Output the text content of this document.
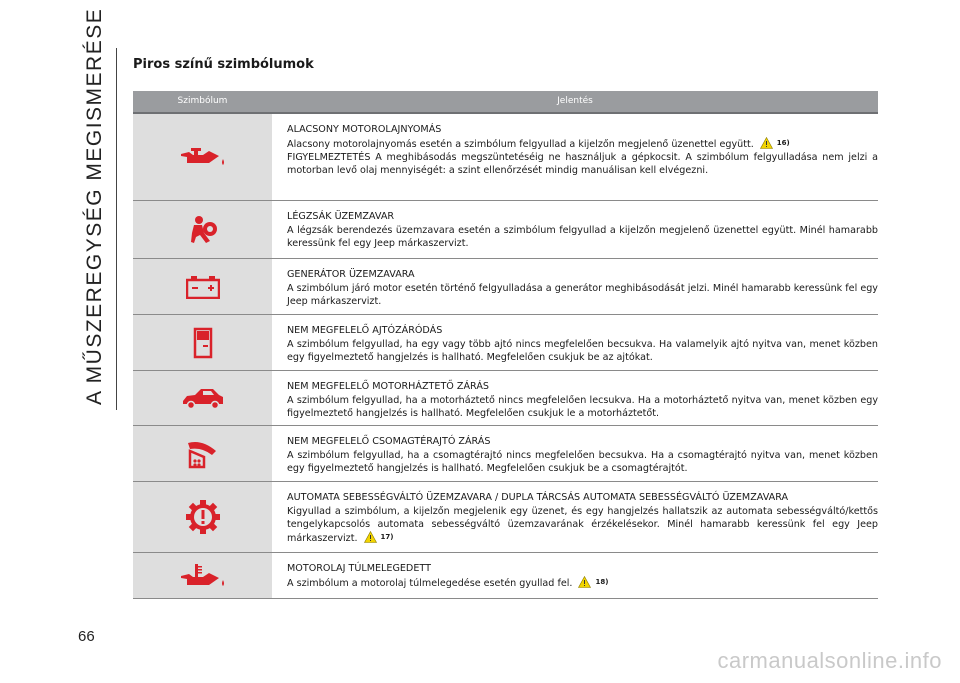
A MŰSZEREGYSÉG MEGISMERÉSE
66
Piros színű szimbólumok
Szimbólum	Jelentés
ALACSONY MOTOROLAJNYOMÁS

Alacsony motorolajnyomás esetén a szimbólum felgyullad a kijelzőn megjelenő üzenettel együtt.	$^{16)}$

FIGYELMEZTETÉS A meghibásodás megszüntetéséig ne használjuk a gépkocsit. A szimbólum felgyulladása nem jelzi a motorban levő olaj mennyiségét: a szint ellenőrzését mindig manuálisan kell elvégezni.

LÉGZSÁK ÜZEMZAVAR

A légzsák berendezés üzemzavara esetén a szimbólum felgyullad a kijelzőn megjelenő üzenettel együtt. Minél hamarabb keressünk fel egy Jeep márkaszervizt.

GENERÁTOR ÜZEMZAVARA

A szimbólum járó motor esetén történő felgyulladása a generátor meghibásodását jelzi. Minél hamarabb keressünk fel egy Jeep márkaszervizt.

NEM MEGFELELŐ AJTÓZÁRÓDÁS

A szimbólum felgyullad, ha egy vagy több ajtó nincs megfelelően becsukva. Ha valamelyik ajtó nyitva van, menet közben egy figyelmeztető hangjelzés is hallható. Megfelelően csukjuk be az ajtókat.

NEM MEGFELELŐ MOTORHÁZTETŐ ZÁRÁS

A szimbólum felgyullad, ha a motorháztető nincs megfelelően lecsukva. Ha a motorháztető nyitva van, menet közben egy figyelmeztető hangjelzés is hallható. Megfelelően csukjuk le a motorháztetőt.

NEM MEGFELELŐ CSOMAGTÉRAJTÓ ZÁRÁS

A szimbólum felgyullad, ha a csomagtérajtó nincs megfelelően becsukva. Ha a csomagtérajtó nyitva van, menet közben egy figyelmeztető hangjelzés is hallható. Megfelelően csukjuk be a csomagtérajtót.

AUTOMATA SEBESSÉGVÁLTÓ ÜZEMZAVARA / DUPLA TÁRCSÁS AUTOMATA SEBESSÉGVÁLTÓ ÜZEMZAVARA

Kigyullad a szimbólum, a kijelzőn megjelenik egy üzenet, és egy hangjelzés hallatszik az automata sebességváltó/kettős tengelykapcsolós automata sebességváltó üzemzavarának érzékelésekor. Minél hamarabb keressünk fel egy Jeep márkaszervizt.	$^{17)}$

MOTOROLAJ TÚLMELEGEDETT

A szimbólum a motorolaj túlmelegedése esetén gyullad fel.	$^{18)}$

carmanualsonline.info
